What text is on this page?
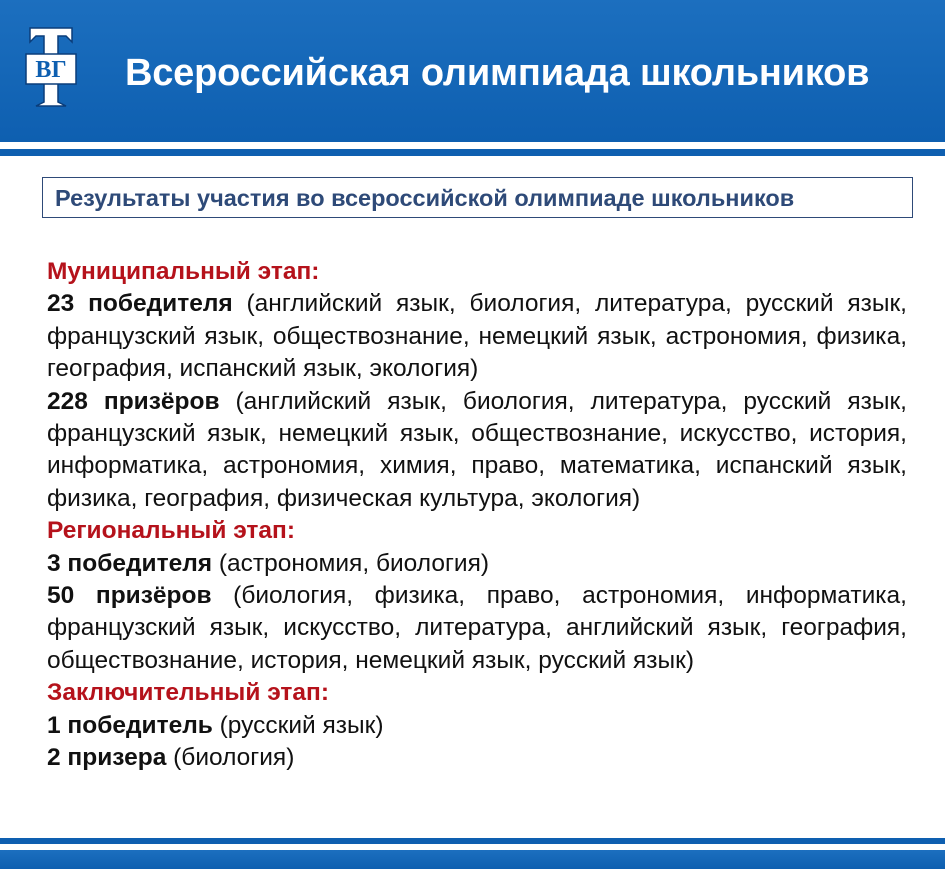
ВГ Всероссийская олимпиада школьников
Результаты участия во всероссийской олимпиаде школьников
Муниципальный этап:
23 победителя (английский язык, биология, литература, русский язык, французский язык, обществознание, немецкий язык, астрономия, физика, география, испанский язык, экология)
228 призёров (английский язык, биология, литература, русский язык, французский язык, немецкий язык, обществознание, искусство, история, информатика, астрономия, химия, право, математика, испанский язык, физика, география, физическая культура, экология)
Региональный этап:
3 победителя (астрономия, биология)
50 призёров (биология, физика, право, астрономия, информатика, французский язык, искусство, литература, английский язык, география, обществознание, история, немецкий язык, русский язык)
Заключительный этап:
1 победитель (русский язык)
2 призера (биология)
